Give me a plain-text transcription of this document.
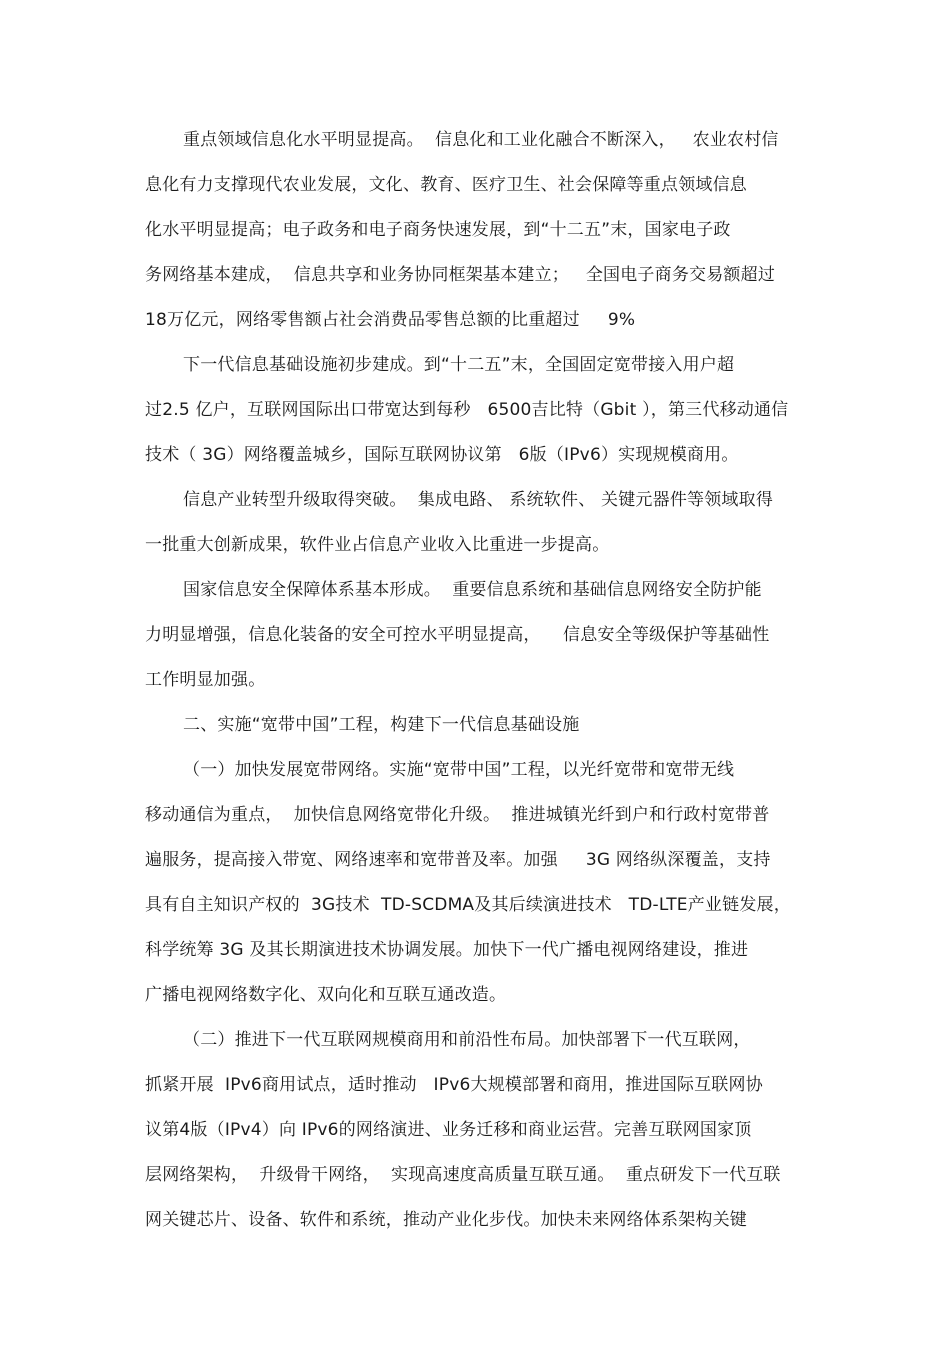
重点领域信息化水平明显提高。  信息化和工业化融合不断深入，   农业农村信
息化有力支撑现代农业发展，文化、教育、医疗卫生、社会保障等重点领域信息
化水平明显提高；电子政务和电子商务快速发展，到“十二五”末，国家电子政
务网络基本建成，  信息共享和业务协同框架基本建立；   全国电子商务交易额超过
18万亿元，网络零售额占社会消费品零售总额的比重超过     9%
下一代信息基础设施初步建成。到“十二五”末，全国固定宽带接入用户超
过2.5 亿户，互联网国际出口带宽达到每秒   6500吉比特（Gbit ），第三代移动通信
技术（ 3G）网络覆盖城乡，国际互联网协议第   6版（IPv6）实现规模商用。
信息产业转型升级取得突破。  集成电路、 系统软件、 关键元器件等领域取得
一批重大创新成果，软件业占信息产业收入比重进一步提高。
国家信息安全保障体系基本形成。  重要信息系统和基础信息网络安全防护能
力明显增强，信息化装备的安全可控水平明显提高，    信息安全等级保护等基础性
工作明显加强。
二、实施“宽带中国”工程，构建下一代信息基础设施
（一）加快发展宽带网络。实施“宽带中国”工程，以光纤宽带和宽带无线
移动通信为重点，  加快信息网络宽带化升级。  推进城镇光纤到户和行政村宽带普
遍服务，提高接入带宽、网络速率和宽带普及率。加强     3G 网络纵深覆盖，支持
具有自主知识产权的  3G技术  TD-SCDMA及其后续演进技术   TD-LTE产业链发展，
科学统筹 3G 及其长期演进技术协调发展。加快下一代广播电视网络建设，推进
广播电视网络数字化、双向化和互联互通改造。
（二）推进下一代互联网规模商用和前沿性布局。加快部署下一代互联网，
抓紧开展  IPv6商用试点，适时推动   IPv6大规模部署和商用，推进国际互联网协
议第4版（IPv4）向 IPv6的网络演进、业务迁移和商业运营。完善互联网国家顶
层网络架构，  升级骨干网络，  实现高速度高质量互联互通。  重点研发下一代互联
网关键芯片、设备、软件和系统，推动产业化步伐。加快未来网络体系架构关键
